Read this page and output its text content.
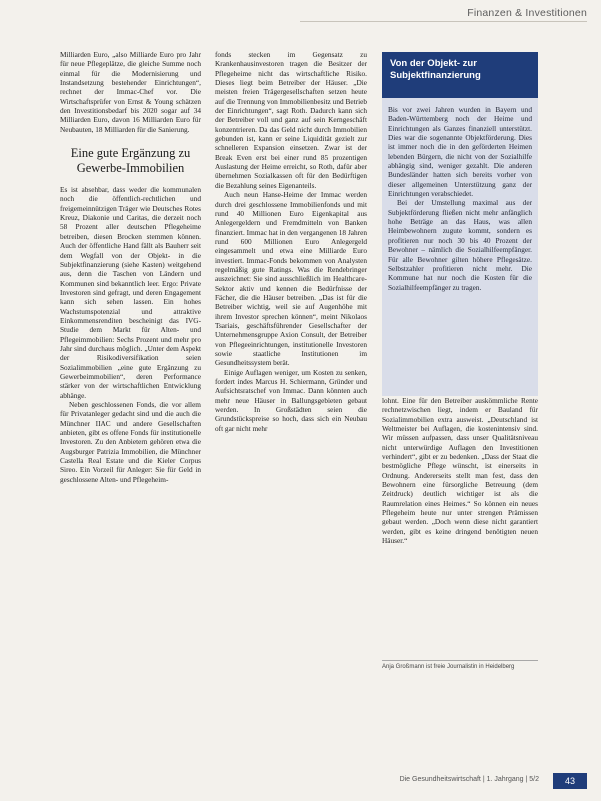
Finanzen & Investitionen

Milliarden Euro, „also Milliarde Euro pro Jahr für neue Pflegeplätze, die gleiche Summe noch einmal für die Modernisierung und Instandsetzung bestehender Einrichtungen“, rechnet der Immac-Chef vor. Die Wirtschaftsprüfer von Ernst & Young schätzen den Investitionsbedarf bis 2020 sogar auf 34 Milliarden Euro, davon 16 Milliarden Euro für Neubauten, 18 Milliarden für die Sanierung.

Eine gute Ergänzung zu Gewerbe-Immobilien

Es ist absehbar, dass weder die kommunalen noch die öffentlich-rechtlichen und freigemeinnützigen Träger wie Deutsches Rotes Kreuz, Diakonie und Caritas, die derzeit noch 58 Prozent aller deutschen Pflegeheime betreiben, diesen Brocken stemmen können. Auch der öffentliche Hand fällt als Bauherr seit dem Wegfall von der Objekt- in die Subjektfinanzierung (siehe Kasten) weitgehend aus, denn die Taschen von Ländern und Kommunen sind bekanntlich leer. Ergo: Private Investoren sind gefragt, und deren Engagement kann sich sehen lassen. Ein hohes Wachstumspotenzial und attraktive Einkommensrenditen bescheinigt das IVG-Studie dem Markt für Alten- und Pflegeimmobilien: Sechs Prozent und mehr pro Jahr sind durchaus möglich. „Unter dem Aspekt der Risikodiversifikation seien Sozialimmobilien „eine gute Ergänzung zu Gewerbeimmobilien“, deren Performance stärker von der wirtschaftlichen Entwicklung abhänge.

Neben geschlossenen Fonds, die vor allem für Privatanleger gedacht sind und die auch die Münchner IIAC und andere Gesellschaften anbieten, gibt es offene Fonds für institutionelle Investoren. Zu den Anbietern gehören etwa die Augsburger Patrizia Immobilien, die Münchner Castella Real Estate und die Kieler Corpus Sireo. Ein Vorzeil für Anleger: Sie für Geld in geschlossene Alten- und Pflegeheim-

fonds stecken im Gegensatz zu Krankenhausinvestoren tragen die Besitzer der Pflegeheime nicht das wirtschaftliche Risiko. Dieses liegt beim Betreiber der Häuser. „Die meisten freien Trägergesellschaften setzen heute auf die Trennung von Immobilienbesitz und Betrieb der Einrichtungen“, sagt Roth. Dadurch kann sich der Betreiber voll und ganz auf sein Kerngeschäft konzentrieren. Da das Geld nicht durch Immobilien gebunden ist, kann er seine Liquidität gezielt zur schnelleren Expansion einsetzen. Zwar ist der Break Even erst bei einer rund 85 prozentigen Auslastung der Heime erreicht, so Roth, dafür aber übernehmen Sozialkassen oft für den Bedürftigen die Bezahlung seines Eigenanteils.

Auch neun Hanse-Heime der Immac werden durch drei geschlossene Immobilienfonds und mit rund 40 Millionen Euro Eigenkapital aus Anlegergeldern und Fremdmitteln von Banken finanziert. Immac hat in den vergangenen 18 Jahren rund 600 Millionen Euro Anlegergeld eingesammelt und etwa eine Milliarde Euro investiert. Immac-Fonds bekommen von Analysten regelmäßig gute Ratings. Was die Rendebringer auszeichnet: Sie sind ausschließlich im Healthcare-Sektor aktiv und kennen die Bedürfnisse der Fächer, die die Häuser betreiben. „Das ist für die Betreiber wichtig, weil sie auf Augenhöhe mit ihrem Investor sprechen können“, meint Nikolaos Tsariais, geschäftsführender Gesellschafter der Unternehmensgruppe Axion Consult, der Betreiber von Pflegeeinrichtungen, institutionelle Investoren sowie staatliche Institutionen im Gesundheitssystem berät.

Einige Auflagen weniger, um Kosten zu senken, fordert indes Marcus H. Schiermann, Gründer und Aufsichtsratschef von Immac. Dann könnten auch mehr neue Häuser in Ballungsgebieten gebaut werden. In Großstädten seien die Grundstückspreise so hoch, dass sich ein Neubau oft gar nicht mehr

Von der Objekt- zur Subjektfinanzierung

Bis vor zwei Jahren wurden in Bayern und Baden-Württemberg noch der Heime und Einrichtungen als Ganzes finanziell unterstützt. Dies war die sogenannte Objektförderung. Dies ist immer noch die in den geförderten Heimen lebenden Bürgern, die nicht von der Sozialhilfe abhängig sind, weniger gezahlt. Die anderen Bundesländer hatten sich bereits vorher von dieser allgemeinen Unterstützung ganz der Einrichtungen verabschiedet.

Bei der Umstellung maximal aus der Subjektförderung fließen nicht mehr anfänglich hohe Beträge an das Haus, was allen Heimbewohnern zugute kommt, sondern es profitieren nur noch 30 bis 40 Prozent der Bewohner – nämlich die Sozialhilfeempfänger. Für alle Bewohner gilten höhere Pflegesätze. Selbstzahler profitieren nicht mehr. Die Kommune hat nur noch die Kosten für die Sozialhilfeempfänger zu tragen.

lohnt. Eine für den Betreiber auskömmliche Rente rechnetzwischen liegt, indem er Bauland für Sozialimmobilien extra ausweist. „Deutschland ist Weltmeister bei Auflagen, die kostenintensiv sind. Wir müssen aufpassen, dass unser Qualitätsniveau nicht unterwürdige Auflagen den Investitionen verhindert“, gibt er zu bedenken. „Dass der Staat die bestmögliche Pflege wünscht, ist einerseits in Ordnung. Andererseits stellt man fest, dass den Bewohnern eine fürsorgliche Betreuung (dem Zeitdruck) deutlich wichtiger ist als die Raumrelation eines Heimes.“ So können ein neues Pflegeheim heute nur unter strengen Prämissen gebaut werden. „Doch wenn diese nicht garantiert werden, gibt es keine dringend benötigten neuen Häuser.“

Anja Großmann ist freie Journalistin in Heidelberg
Die Gesundheitswirtschaft | 1. Jahrgang | 5/2	43
